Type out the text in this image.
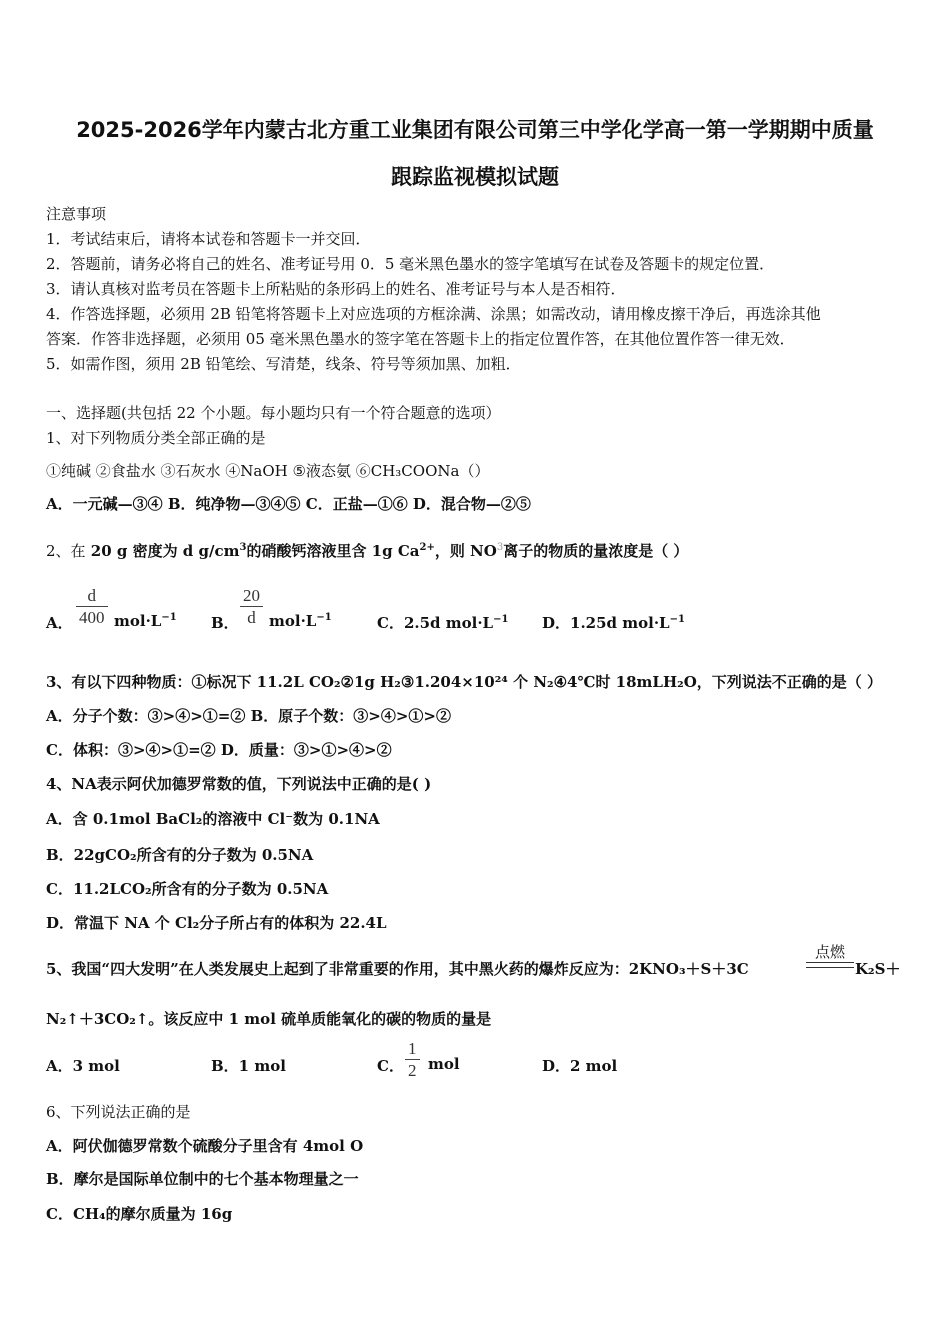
2025-2026学年内蒙古北方重工业集团有限公司第三中学化学高一第一学期期中质量
跟踪监视模拟试题
注意事项
1．考试结束后，请将本试卷和答题卡一并交回．
2．答题前，请务必将自己的姓名、准考证号用 0．5 毫米黑色墨水的签字笔填写在试卷及答题卡的规定位置．
3．请认真核对监考员在答题卡上所粘贴的条形码上的姓名、准考证号与本人是否相符．
4．作答选择题，必须用 2B 铅笔将答题卡上对应选项的方框涂满、涂黑；如需改动，请用橡皮擦干净后，再选涂其他
答案．作答非选择题，必须用 05 毫米黑色墨水的签字笔在答题卡上的指定位置作答，在其他位置作答一律无效．
5．如需作图，须用 2B 铅笔绘、写清楚，线条、符号等须加黑、加粗．
一、选择题(共包括 22 个小题。每小题均只有一个符合题意的选项）
1、对下列物质分类全部正确的是
①纯碱 ②食盐水 ③石灰水 ④NaOH ⑤液态氨 ⑥CH₃COONa（）
A．一元碱—③④ B．纯净物—③④⑤ C．正盐—①⑥ D．混合物—②⑤
2、在 20 g 密度为 d $g/cm^3$的硝酸钙溶液里含 1g $Ca^{2+}$，则 $NO^3$离子的物质的量浓度是（ ）
A． $\frac{d}{400} mol\cdot L^{-1}$ B． $\frac{20}{d} mol\cdot L^{-1}$	C．2.5d $mol\cdot L^{-1}$ D．1.25d $mol\cdot L^{-1}$
3、有以下四种物质：①标况下 11.2L CO₂②1g H₂③1.204×10²⁴ 个 N₂④4℃时 18mLH₂O，下列说法不正确的是（ ）
A．分子个数：③>④>①=② B．原子个数：③>④>①>②
C．体积：③>④>①=② D．质量：③>①>④>②
4、NA表示阿伏加德罗常数的值，下列说法中正确的是( )
A．含 0.1mol BaCl₂的溶液中 Cl⁻数为 0.1NA
B．22gCO₂所含有的分子数为 0.5NA
C．11.2LCO₂所含有的分子数为 0.5NA
D．常温下 NA 个 Cl₂分子所占有的体积为 22.4L
5、我国“四大发明”在人类发展史上起到了非常重要的作用，其中黑火药的爆炸反应为：2KNO₃＋S＋3C
点燃
K₂S＋
N₂↑＋3CO₂↑。该反应中 1 mol 硫单质能氧化的碳的物质的量是
A．3 mol	B．1 mol	C． $\frac{1}{2}$ mol	D．2 mol
6、下列说法正确的是
A．阿伏伽德罗常数个硫酸分子里含有 4mol O
B．摩尔是国际单位制中的七个基本物理量之一
C．CH₄的摩尔质量为 16g
